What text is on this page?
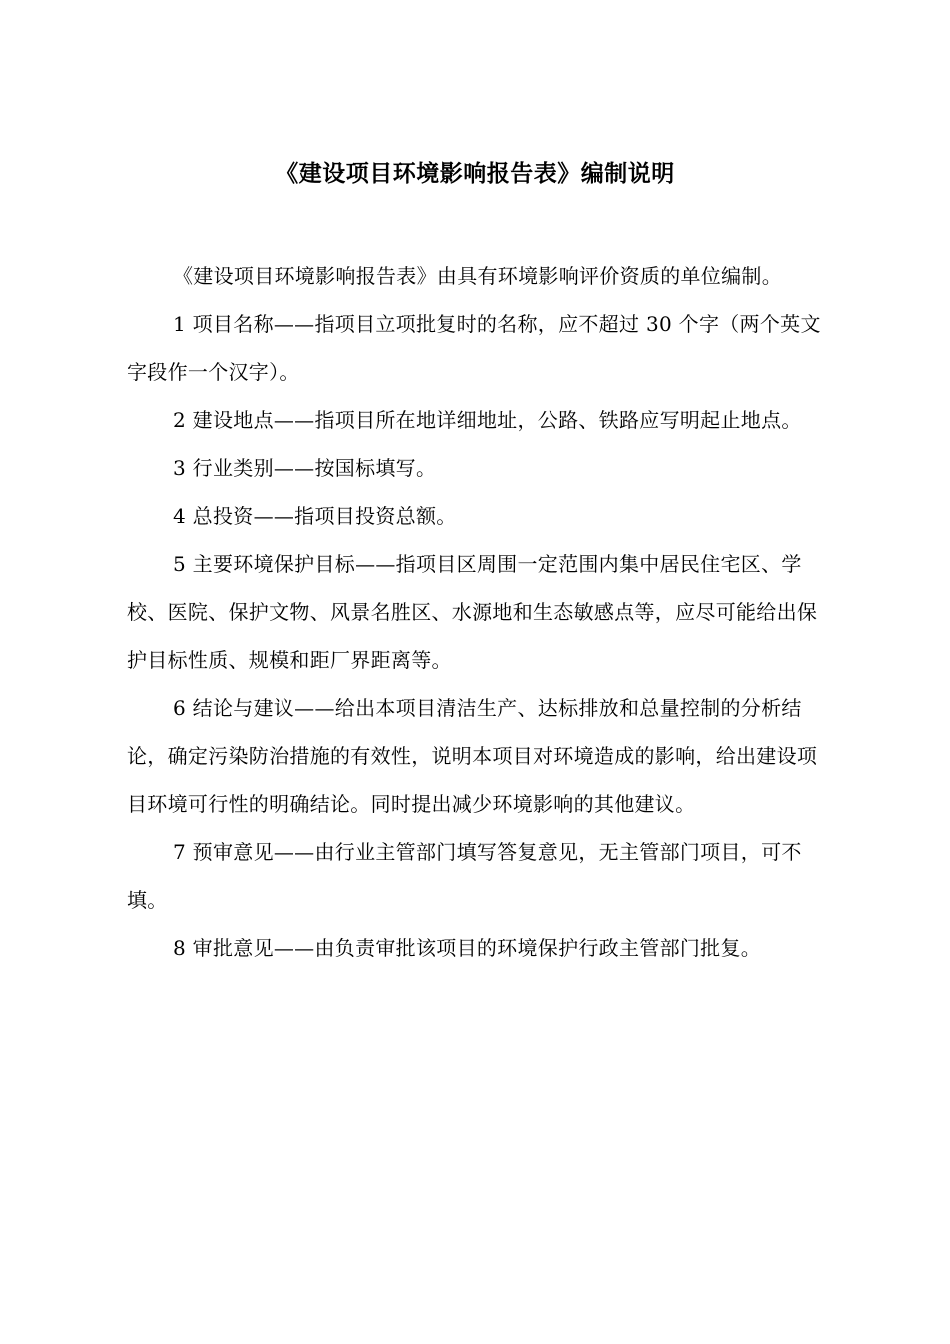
《建设项目环境影响报告表》编制说明

《建设项目环境影响报告表》由具有环境影响评价资质的单位编制。

1 项目名称——指项目立项批复时的名称，应不超过 30 个字（两个英文字段作一个汉字）。

2 建设地点——指项目所在地详细地址，公路、铁路应写明起止地点。

3 行业类别——按国标填写。

4 总投资——指项目投资总额。

5 主要环境保护目标——指项目区周围一定范围内集中居民住宅区、学校、医院、保护文物、风景名胜区、水源地和生态敏感点等，应尽可能给出保护目标性质、规模和距厂界距离等。

6 结论与建议——给出本项目清洁生产、达标排放和总量控制的分析结论，确定污染防治措施的有效性，说明本项目对环境造成的影响，给出建设项目环境可行性的明确结论。同时提出减少环境影响的其他建议。

7 预审意见——由行业主管部门填写答复意见，无主管部门项目，可不填。

8 审批意见——由负责审批该项目的环境保护行政主管部门批复。
